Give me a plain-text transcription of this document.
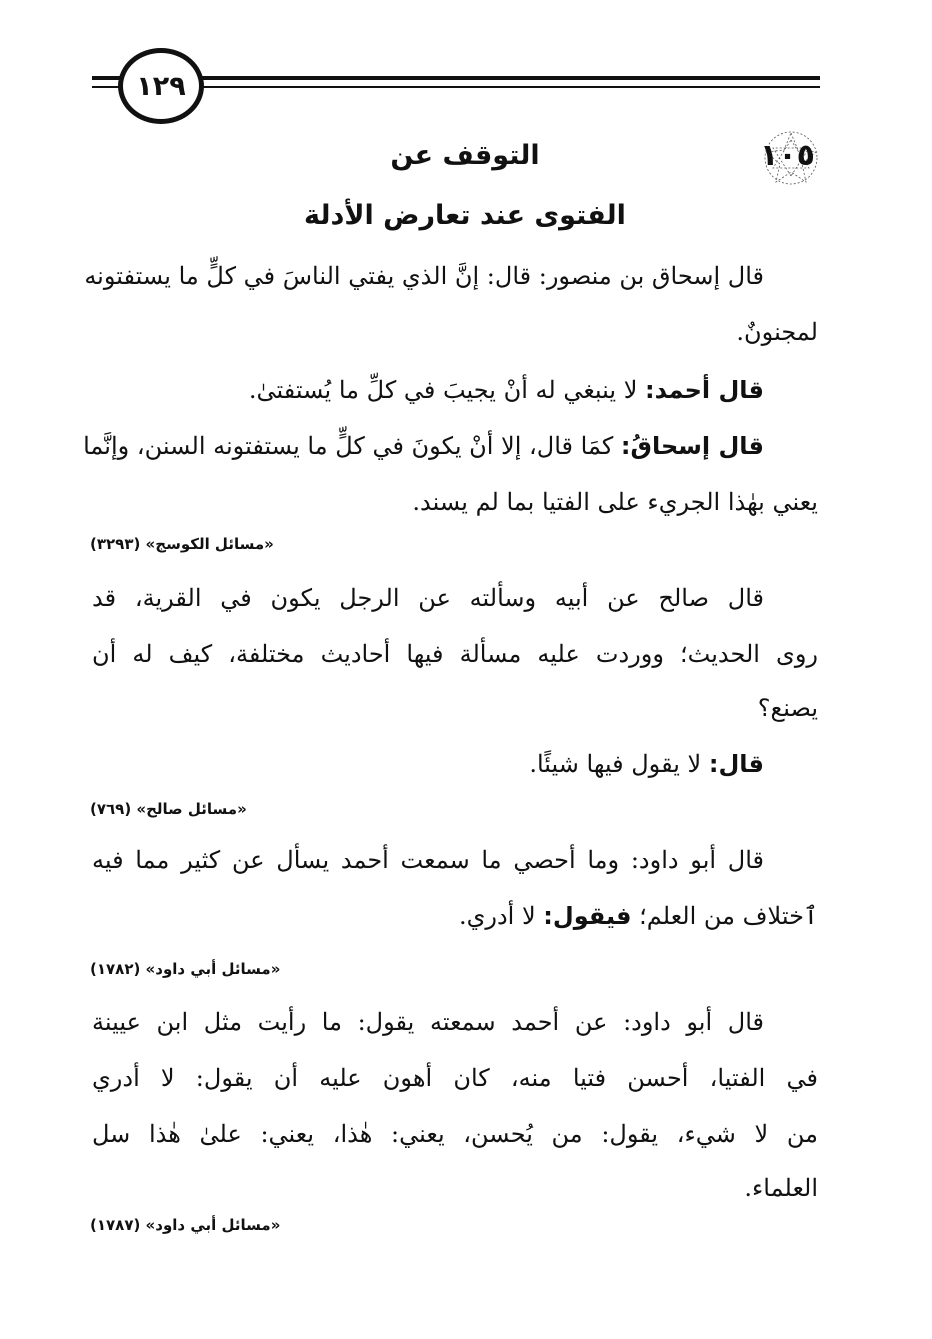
١٢٩
١٠٥
التوقف عن
الفتوى عند تعارض الأدلة
قال إسحاق بن منصور: قال: إنَّ الذي يفتي الناسَ في كلٍّ ما يستفتونه
لمجنونٌ.
قال أحمد: لا ينبغي له أنْ يجيبَ في كلِّ ما يُستفتىٰ.
قال إسحاقُ: كمَا قال، إلا أنْ يكونَ في كلٍّ ما يستفتونه السنن، وإنَّما
يعني بهٰذا الجريء على الفتيا بما لم يسند.
«مسائل الكوسج» (٣٢٩٣)
قال صالح عن أبيه وسألته عن الرجل يكون في القرية، قد
روى الحديث؛ ووردت عليه مسألة فيها أحاديث مختلفة، كيف له أن
يصنع؟
قال: لا يقول فيها شيئًا.
«مسائل صالح» (٧٦٩)
قال أبو داود: وما أحصي ما سمعت أحمد يسأل عن كثير مما فيه
ٱختلاف من العلم؛ فيقول: لا أدري.
«مسائل أبي داود» (١٧٨٢)
قال أبو داود: عن أحمد سمعته يقول: ما رأيت مثل ابن عيينة
في الفتيا، أحسن فتيا منه، كان أهون عليه أن يقول: لا أدري
من لا شيء، يقول: من يُحسن، يعني: هٰذا، يعني: علىٰ هٰذا سل
العلماء.
«مسائل أبي داود» (١٧٨٧)
